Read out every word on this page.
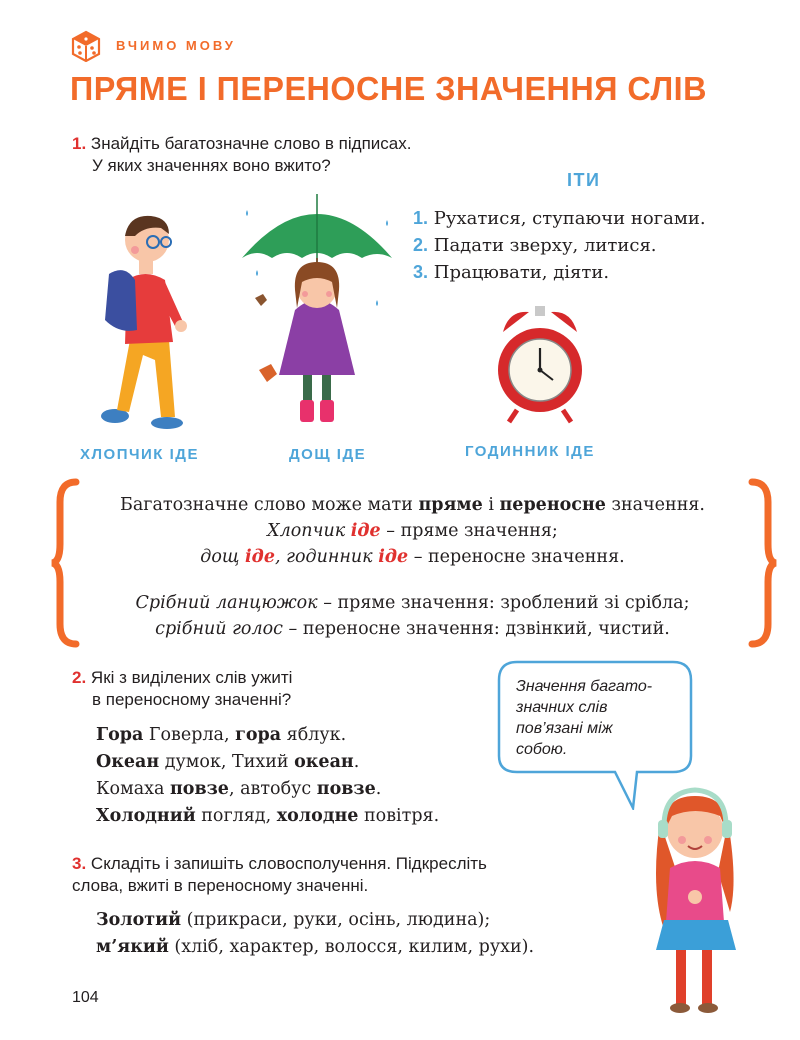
ВЧИМО МОВУ
ПРЯМЕ І ПЕРЕНОСНЕ ЗНАЧЕННЯ СЛІВ
1. Знайдіть багатозначне слово в підписах.
У яких значеннях воно вжито?
ІТИ
1. Рухатися, ступаючи ногами.
2. Падати зверху, литися.
3. Працювати, діяти.
ХЛОПЧИК ІДЕ	ДОЩ ІДЕ	ГОДИННИК ІДЕ
Багатозначне слово може мати пряме і переносне значення.
Хлопчик іде – пряме значення;
дощ іде, годинник іде – переносне значення.
Срібний ланцюжок – пряме значення: зроблений зі срібла;
срібний голос – переносне значення: дзвінкий, чистий.
2. Які з виділених слів ужиті
в переносному значенні?
Гора Говерла, гора яблук.
Океан думок, Тихий океан.
Комаха повзе, автобус повзе.
Холодний погляд, холодне повітря.
Значення багато-
значних слів
пов’язані між
собою.
3. Складіть і запишіть словосполучення. Підкресліть
слова, вжиті в переносному значенні.
Золотий (прикраси, руки, осінь, людина);
м’який (хліб, характер, волосся, килим, рухи).
104
